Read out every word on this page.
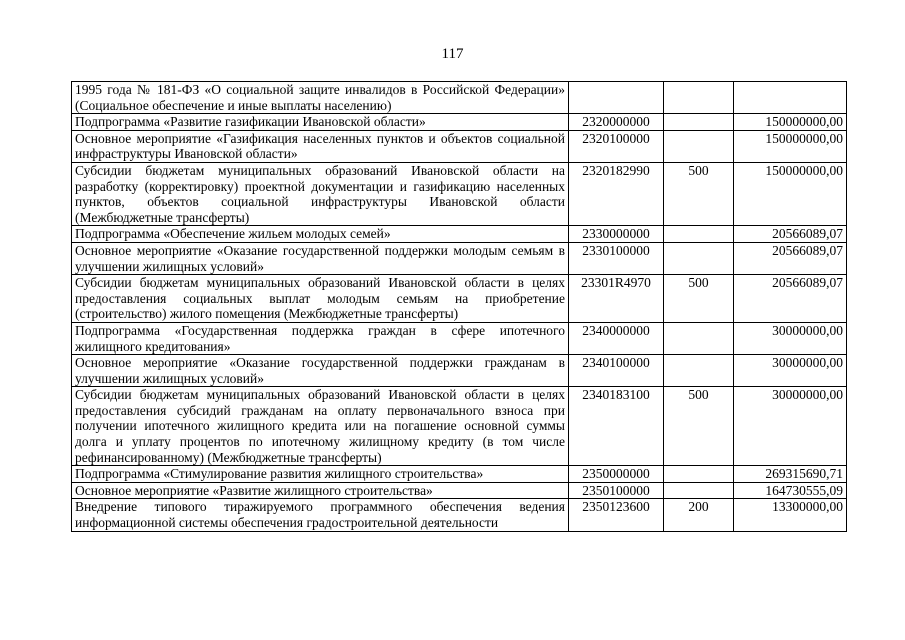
117
1995 года № 181-ФЗ «О социальной защите инвалидов в Российской Федерации» (Социальное обеспечение и иные выплаты населению)			
Подпрограмма «Развитие газификации Ивановской области»	2320000000		150000000,00
Основное мероприятие «Газификация населенных пунктов и объектов социальной инфраструктуры Ивановской области»	2320100000		150000000,00
Субсидии бюджетам муниципальных образований Ивановской области на разработку (корректировку) проектной документации и газификацию населенных пунктов, объектов социальной инфраструктуры Ивановской области (Межбюджетные трансферты)	2320182990	500	150000000,00
Подпрограмма «Обеспечение жильем молодых семей»	2330000000		20566089,07
Основное мероприятие «Оказание государственной поддержки молодым семьям в улучшении жилищных условий»	2330100000		20566089,07
Субсидии бюджетам муниципальных образований Ивановской области в целях предоставления социальных выплат молодым семьям на приобретение (строительство) жилого помещения (Межбюджетные трансферты)	23301R4970	500	20566089,07
Подпрограмма «Государственная поддержка граждан в сфере ипотечного жилищного кредитования»	2340000000		30000000,00
Основное мероприятие «Оказание государственной поддержки гражданам в улучшении жилищных условий»	2340100000		30000000,00
Субсидии бюджетам муниципальных образований Ивановской области в целях предоставления субсидий гражданам на оплату первоначального взноса при получении ипотечного жилищного кредита или на погашение основной суммы долга и уплату процентов по ипотечному жилищному кредиту (в том числе рефинансированному) (Межбюджетные трансферты)	2340183100	500	30000000,00
Подпрограмма «Стимулирование развития жилищного строительства»	2350000000		269315690,71
Основное мероприятие «Развитие жилищного строительства»	2350100000		164730555,09
Внедрение типового тиражируемого программного обеспечения ведения информационной системы обеспечения градостроительной деятельности	2350123600	200	13300000,00
